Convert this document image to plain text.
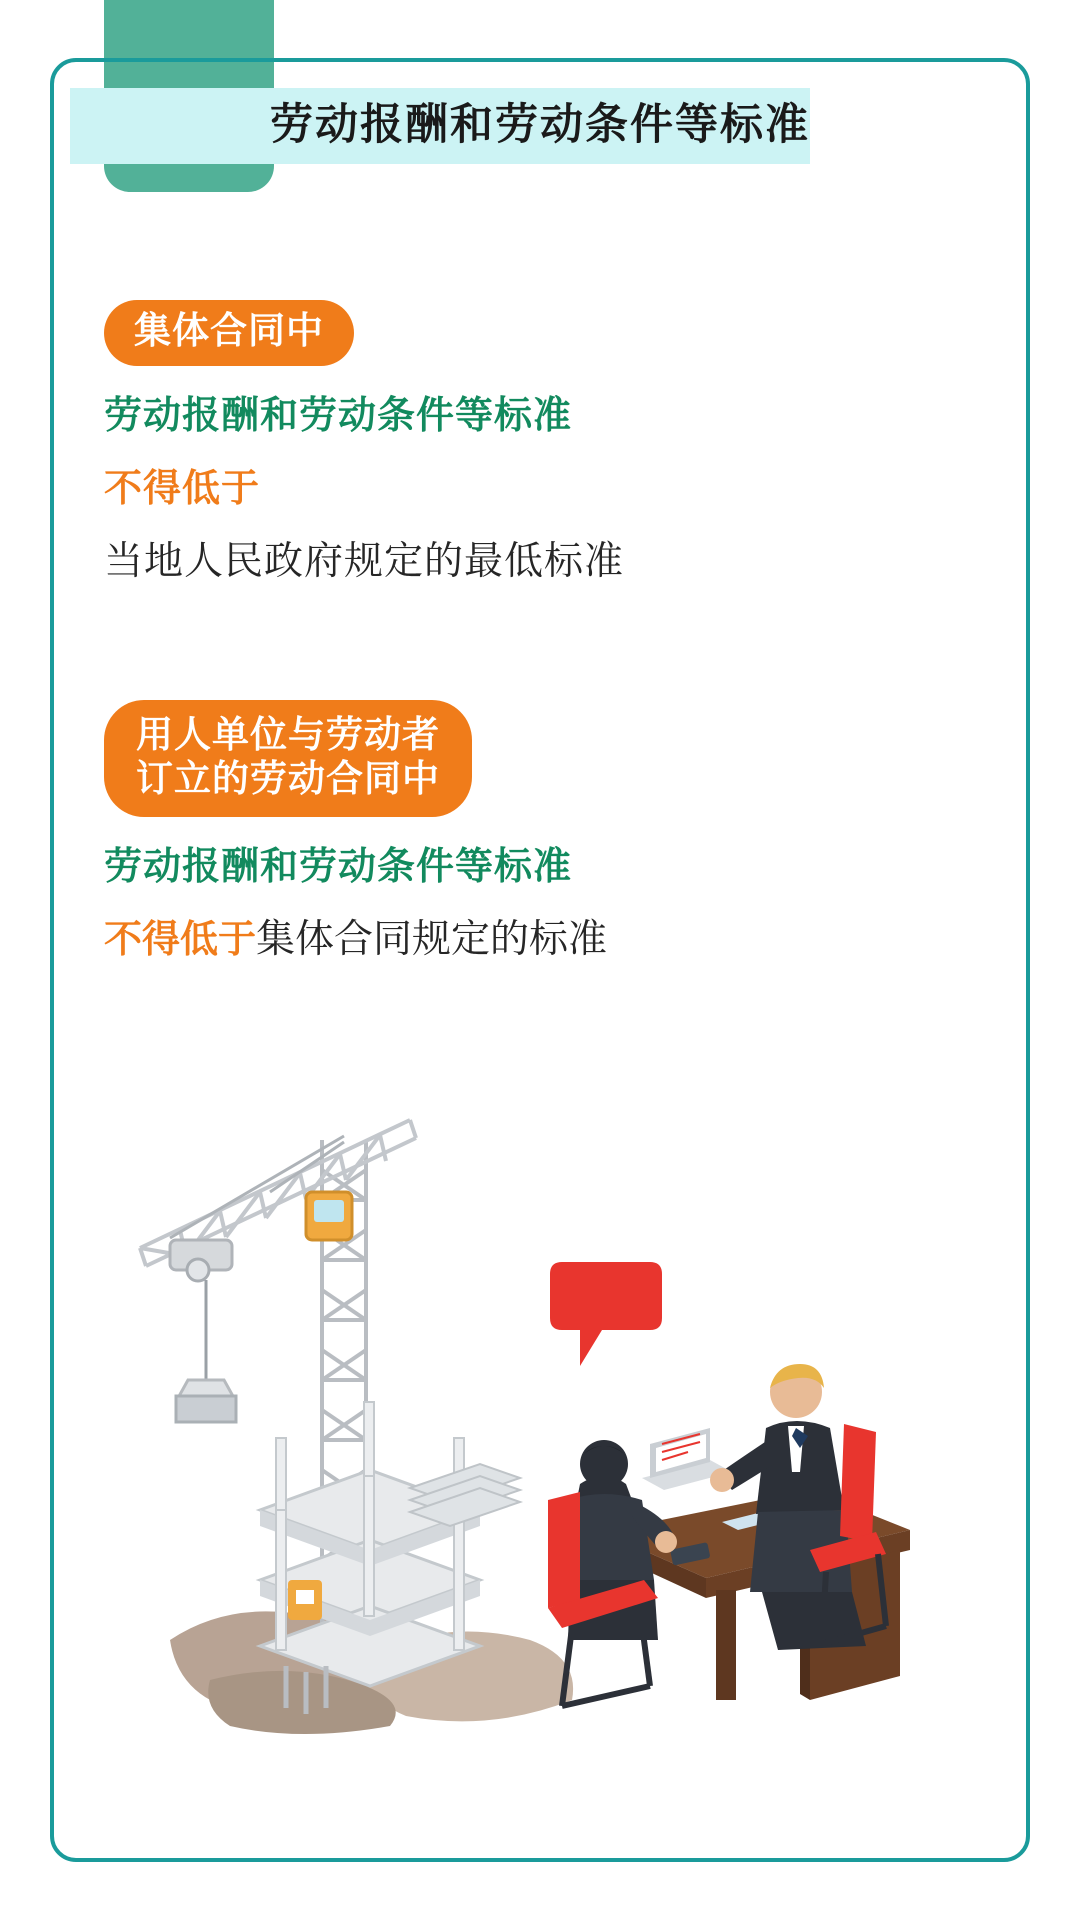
劳动报酬和劳动条件等标准
集体合同中
劳动报酬和劳动条件等标准
不得低于
当地人民政府规定的最低标准
用人单位与劳动者
订立的劳动合同中
劳动报酬和劳动条件等标准
不得低于集体合同规定的标准
